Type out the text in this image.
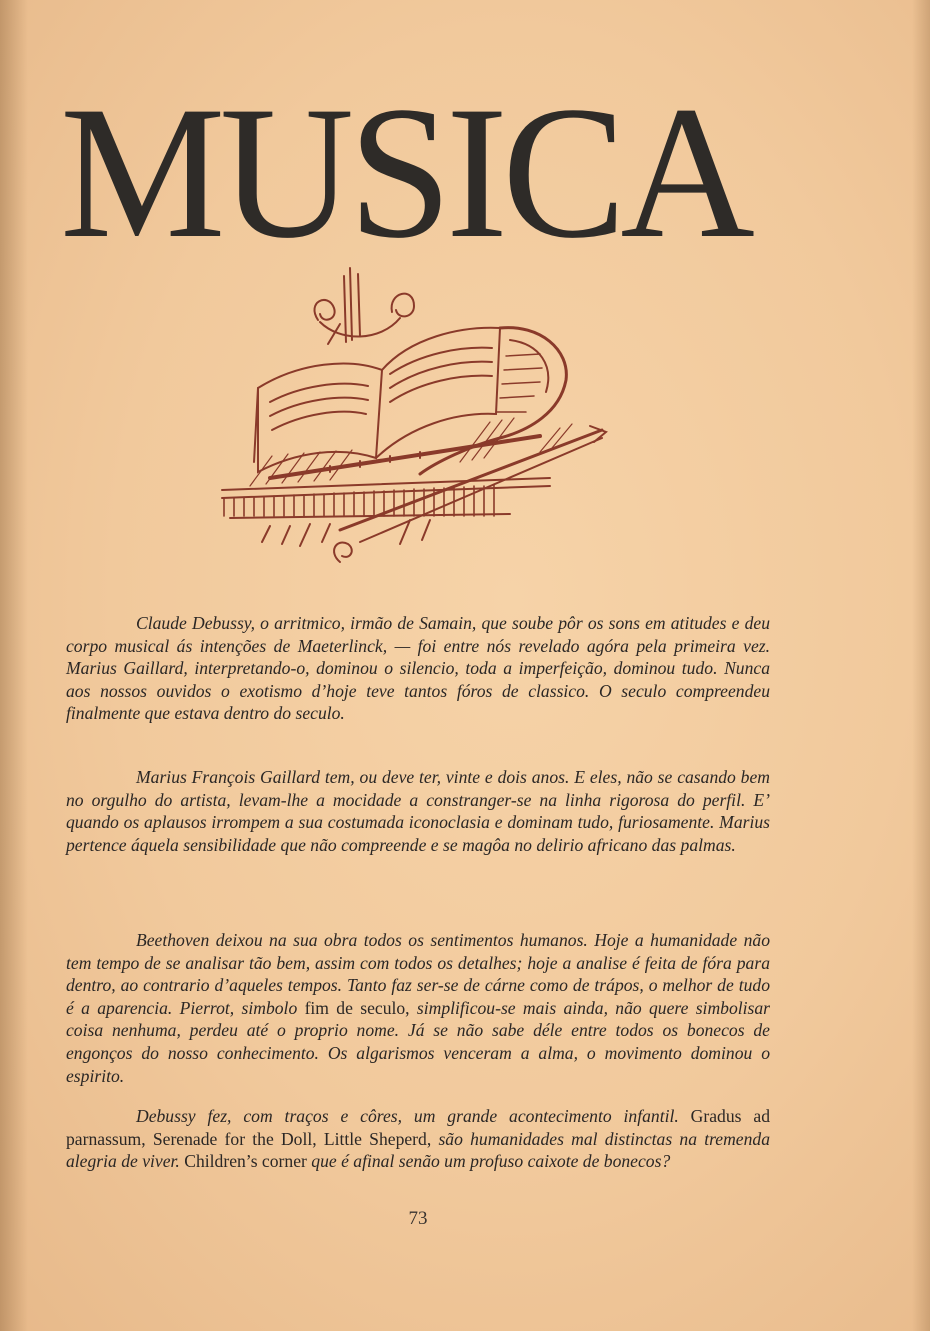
MUSICA

Claude Debussy, o arritmico, irmão de Samain, que soube pôr os sons em atitudes e deu corpo musical ás intenções de Maeterlinck, — foi entre nós revelado agóra pela primeira vez. Marius Gaillard, interpretando-o, dominou o silencio, toda a imperfeição, dominou tudo. Nunca aos nossos ouvidos o exotismo d’hoje teve tantos fóros de classico. O seculo compreendeu finalmente que estava dentro do seculo.

Marius François Gaillard tem, ou deve ter, vinte e dois anos. E eles, não se casando bem no orgulho do artista, levam-lhe a mocidade a constranger-se na linha rigorosa do perfil. E’ quando os aplausos irrompem a sua costumada iconoclasia e dominam tudo, furiosamente. Marius pertence áquela sensibilidade que não compreende e se magôa no delirio africano das palmas.

Beethoven deixou na sua obra todos os sentimentos humanos. Hoje a humanidade não tem tempo de se analisar tão bem, assim com todos os detalhes; hoje a analise é feita de fóra para dentro, ao contrario d’aqueles tempos. Tanto faz ser-se de cárne como de trápos, o melhor de tudo é a aparencia. Pierrot, simbolo fim de seculo, simplificou-se mais ainda, não quere simbolisar coisa nenhuma, perdeu até o proprio nome. Já se não sabe déle entre todos os bonecos de engonços do nosso conhecimento. Os algarismos venceram a alma, o movimento dominou o espirito.

Debussy fez, com traços e côres, um grande acontecimento infantil. Gradus ad parnassum, Serenade for the Doll, Little Sheperd, são humanidades mal distinctas na tremenda alegria de viver. Children’s corner que é afinal senão um profuso caixote de bonecos?

73
